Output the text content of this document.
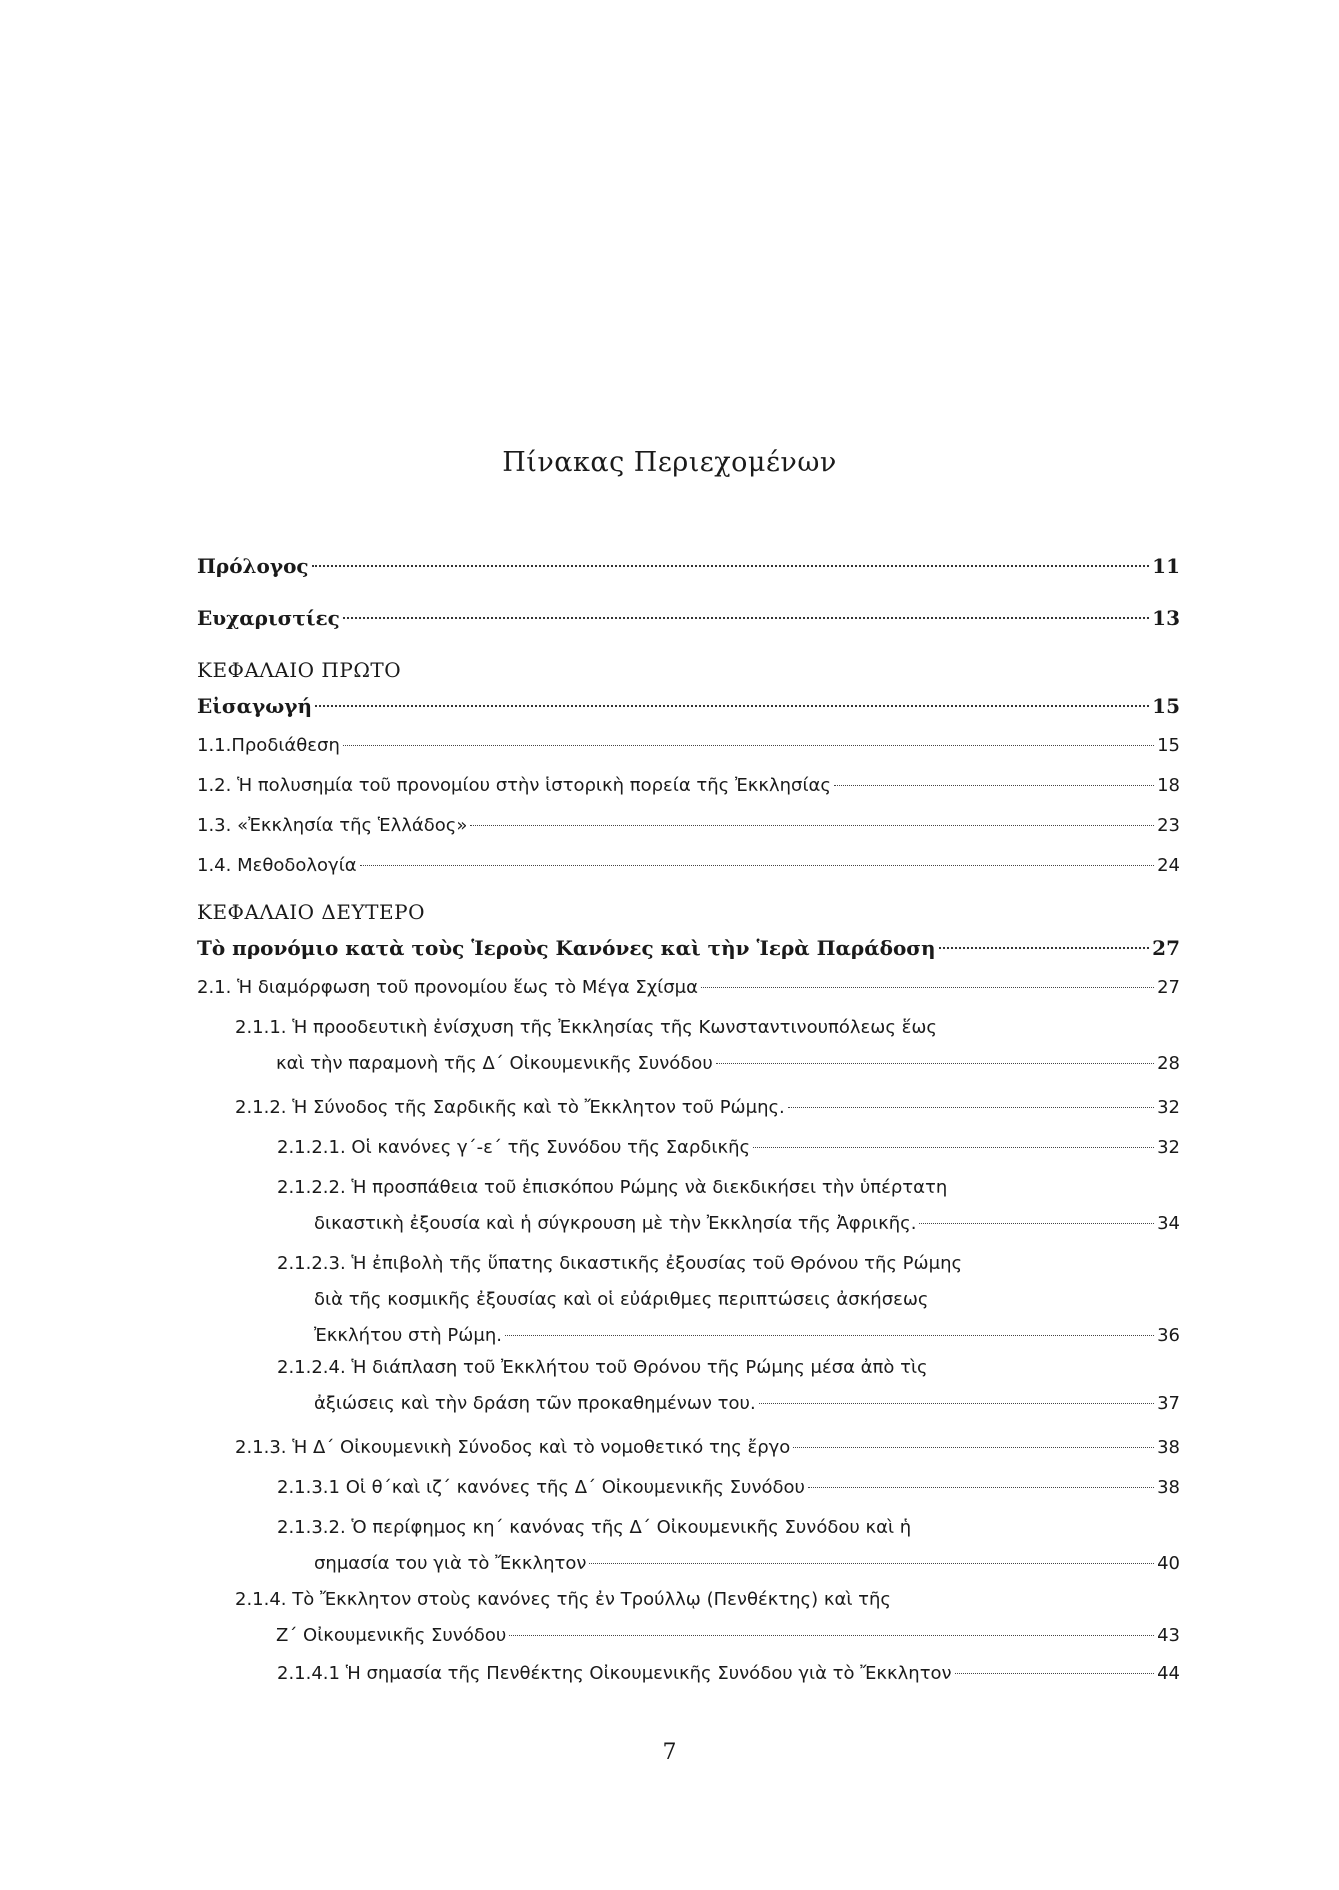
Πίνακας Περιεχομένων
Πρόλογος	11
Ευχαριστίες	13
ΚΕΦΑΛΑΙΟ ΠΡΩΤΟ
Εἰσαγωγή	15
1.1.Προδιάθεση	15
1.2. Ἡ πολυσημία τοῦ προνομίου στὴν ἱστορικὴ πορεία τῆς Ἐκκλησίας	18
1.3. «Ἐκκλησία τῆς Ἑλλάδος»	23
1.4. Μεθοδολογία	24
ΚΕΦΑΛΑΙΟ ΔΕΥΤΕΡΟ
Τὸ προνόμιο κατὰ τοὺς Ἱεροὺς Κανόνες καὶ τὴν Ἱερὰ Παράδοση	27
2.1. Ἡ διαμόρφωση τοῦ προνομίου ἕως τὸ Μέγα Σχίσμα	27
2.1.1. Ἡ προοδευτικὴ ἐνίσχυση τῆς Ἐκκλησίας τῆς Κωνσταντινουπόλεως ἕως
καὶ τὴν παραμονὴ τῆς Δ΄ Οἰκουμενικῆς Συνόδου	28
2.1.2. Ἡ Σύνοδος τῆς Σαρδικῆς καὶ τὸ Ἔκκλητον τοῦ Ρώμης.	32
2.1.2.1. Οἱ κανόνες γ΄-ε΄ τῆς Συνόδου τῆς Σαρδικῆς	32
2.1.2.2. Ἡ προσπάθεια τοῦ ἐπισκόπου Ρώμης νὰ διεκδικήσει τὴν ὑπέρτατη
δικαστικὴ ἐξουσία καὶ ἡ σύγκρουση μὲ τὴν Ἐκκλησία τῆς Ἀφρικῆς.	34
2.1.2.3. Ἡ ἐπιβολὴ τῆς ὕπατης δικαστικῆς ἐξουσίας τοῦ Θρόνου τῆς Ρώμης
διὰ τῆς κοσμικῆς ἐξουσίας καὶ οἱ εὐάριθμες περιπτώσεις ἀσκήσεως
Ἐκκλήτου στὴ Ρώμη.	36
2.1.2.4. Ἡ διάπλαση τοῦ Ἐκκλήτου τοῦ Θρόνου τῆς Ρώμης μέσα ἀπὸ τὶς
ἀξιώσεις καὶ τὴν δράση τῶν προκαθημένων του.	37
2.1.3. Ἡ Δ΄ Οἰκουμενικὴ Σύνοδος καὶ τὸ νομοθετικό της ἔργο	38
2.1.3.1 Οἱ θ΄καὶ ιζ΄ κανόνες τῆς Δ΄ Οἰκουμενικῆς Συνόδου	38
2.1.3.2. Ὁ περίφημος κη΄ κανόνας τῆς Δ΄ Οἰκουμενικῆς Συνόδου καὶ ἡ
σημασία του γιὰ τὸ Ἔκκλητον	40
2.1.4. Τὸ Ἔκκλητον στοὺς κανόνες τῆς ἐν Τρούλλῳ (Πενθέκτης) καὶ τῆς
Ζ΄ Οἰκουμενικῆς Συνόδου	43
2.1.4.1 Ἡ σημασία τῆς Πενθέκτης Οἰκουμενικῆς Συνόδου γιὰ τὸ Ἔκκλητον	44
7
